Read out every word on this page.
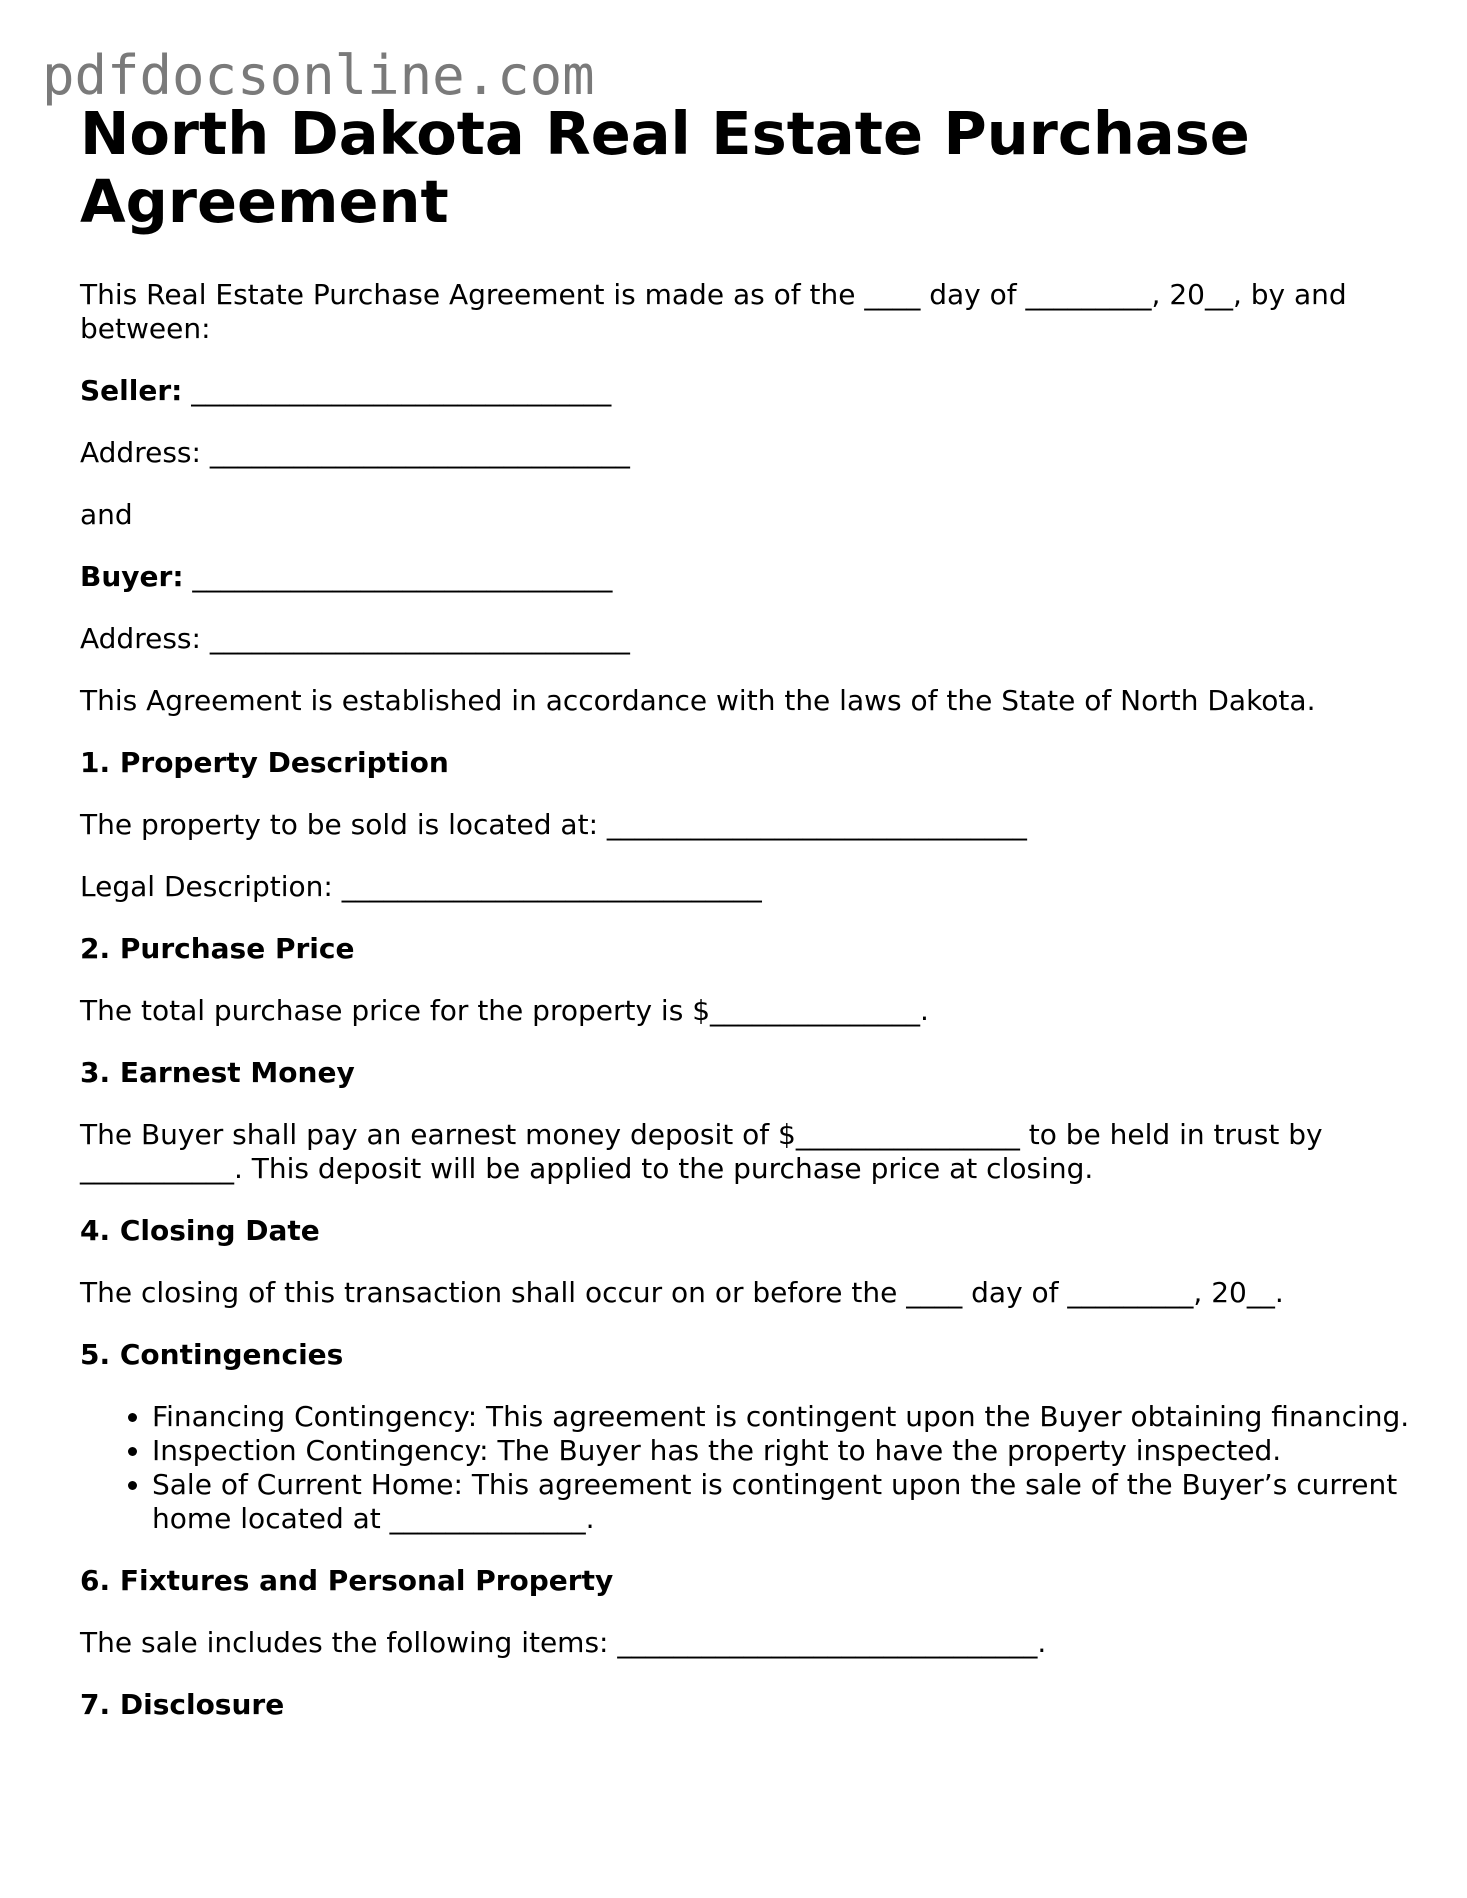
pdfdocsonline.com
North Dakota Real Estate Purchase Agreement

This Real Estate Purchase Agreement is made as of the ____ day of _________, 20__, by and between:

Seller: ______________________________

Address: ______________________________

and

Buyer: ______________________________

Address: ______________________________

This Agreement is established in accordance with the laws of the State of North Dakota.

1. Property Description

The property to be sold is located at: ______________________________

Legal Description: ______________________________

2. Purchase Price

The total purchase price for the property is $_______________.

3. Earnest Money

The Buyer shall pay an earnest money deposit of $________________ to be held in trust by ___________. This deposit will be applied to the purchase price at closing.

4. Closing Date

The closing of this transaction shall occur on or before the ____ day of _________, 20__.

5. Contingencies
• Financing Contingency: This agreement is contingent upon the Buyer obtaining financing.
• Inspection Contingency: The Buyer has the right to have the property inspected.
• Sale of Current Home: This agreement is contingent upon the sale of the Buyer’s current home located at ______________.
6. Fixtures and Personal Property

The sale includes the following items: ______________________________.

7. Disclosure
